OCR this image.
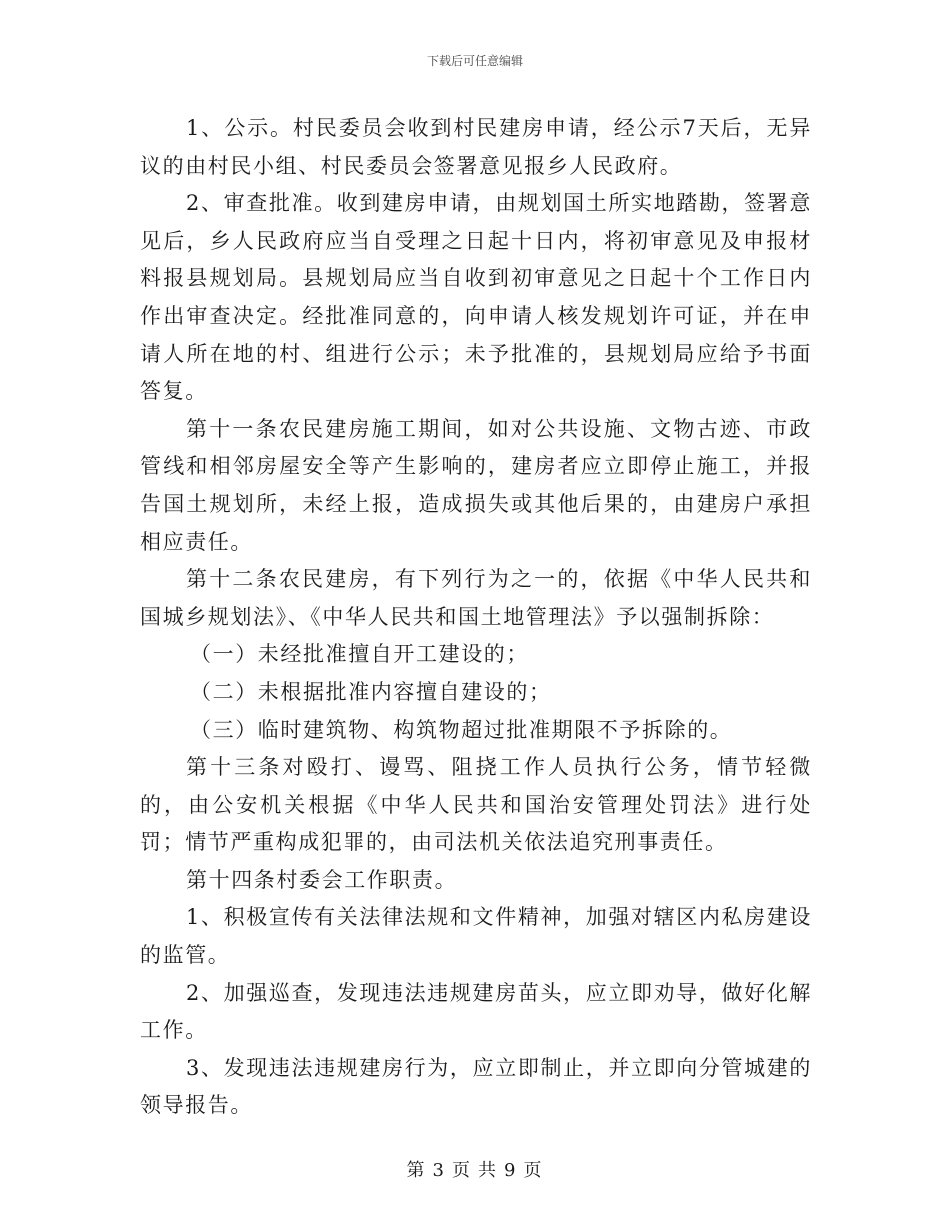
下载后可任意编辑

1、公示。村民委员会收到村民建房申请，经公示7天后，无异议的由村民小组、村民委员会签署意见报乡人民政府。

2、审查批准。收到建房申请，由规划国土所实地踏勘，签署意见后，乡人民政府应当自受理之日起十日内，将初审意见及申报材料报县规划局。县规划局应当自收到初审意见之日起十个工作日内作出审查决定。经批准同意的，向申请人核发规划许可证，并在申请人所在地的村、组进行公示；未予批准的，县规划局应给予书面答复。

第十一条农民建房施工期间，如对公共设施、文物古迹、市政管线和相邻房屋安全等产生影响的，建房者应立即停止施工，并报告国土规划所，未经上报，造成损失或其他后果的，由建房户承担相应责任。

第十二条农民建房，有下列行为之一的，依据《中华人民共和国城乡规划法》、《中华人民共和国土地管理法》予以强制拆除：

（一）未经批准擅自开工建设的；

（二）未根据批准内容擅自建设的；

（三）临时建筑物、构筑物超过批准期限不予拆除的。

第十三条对殴打、谩骂、阻挠工作人员执行公务，情节轻微的，由公安机关根据《中华人民共和国治安管理处罚法》进行处罚；情节严重构成犯罪的，由司法机关依法追究刑事责任。

第十四条村委会工作职责。

1、积极宣传有关法律法规和文件精神，加强对辖区内私房建设的监管。

2、加强巡查，发现违法违规建房苗头，应立即劝导，做好化解工作。

3、发现违法违规建房行为，应立即制止，并立即向分管城建的领导报告。

第 3 页 共 9 页
